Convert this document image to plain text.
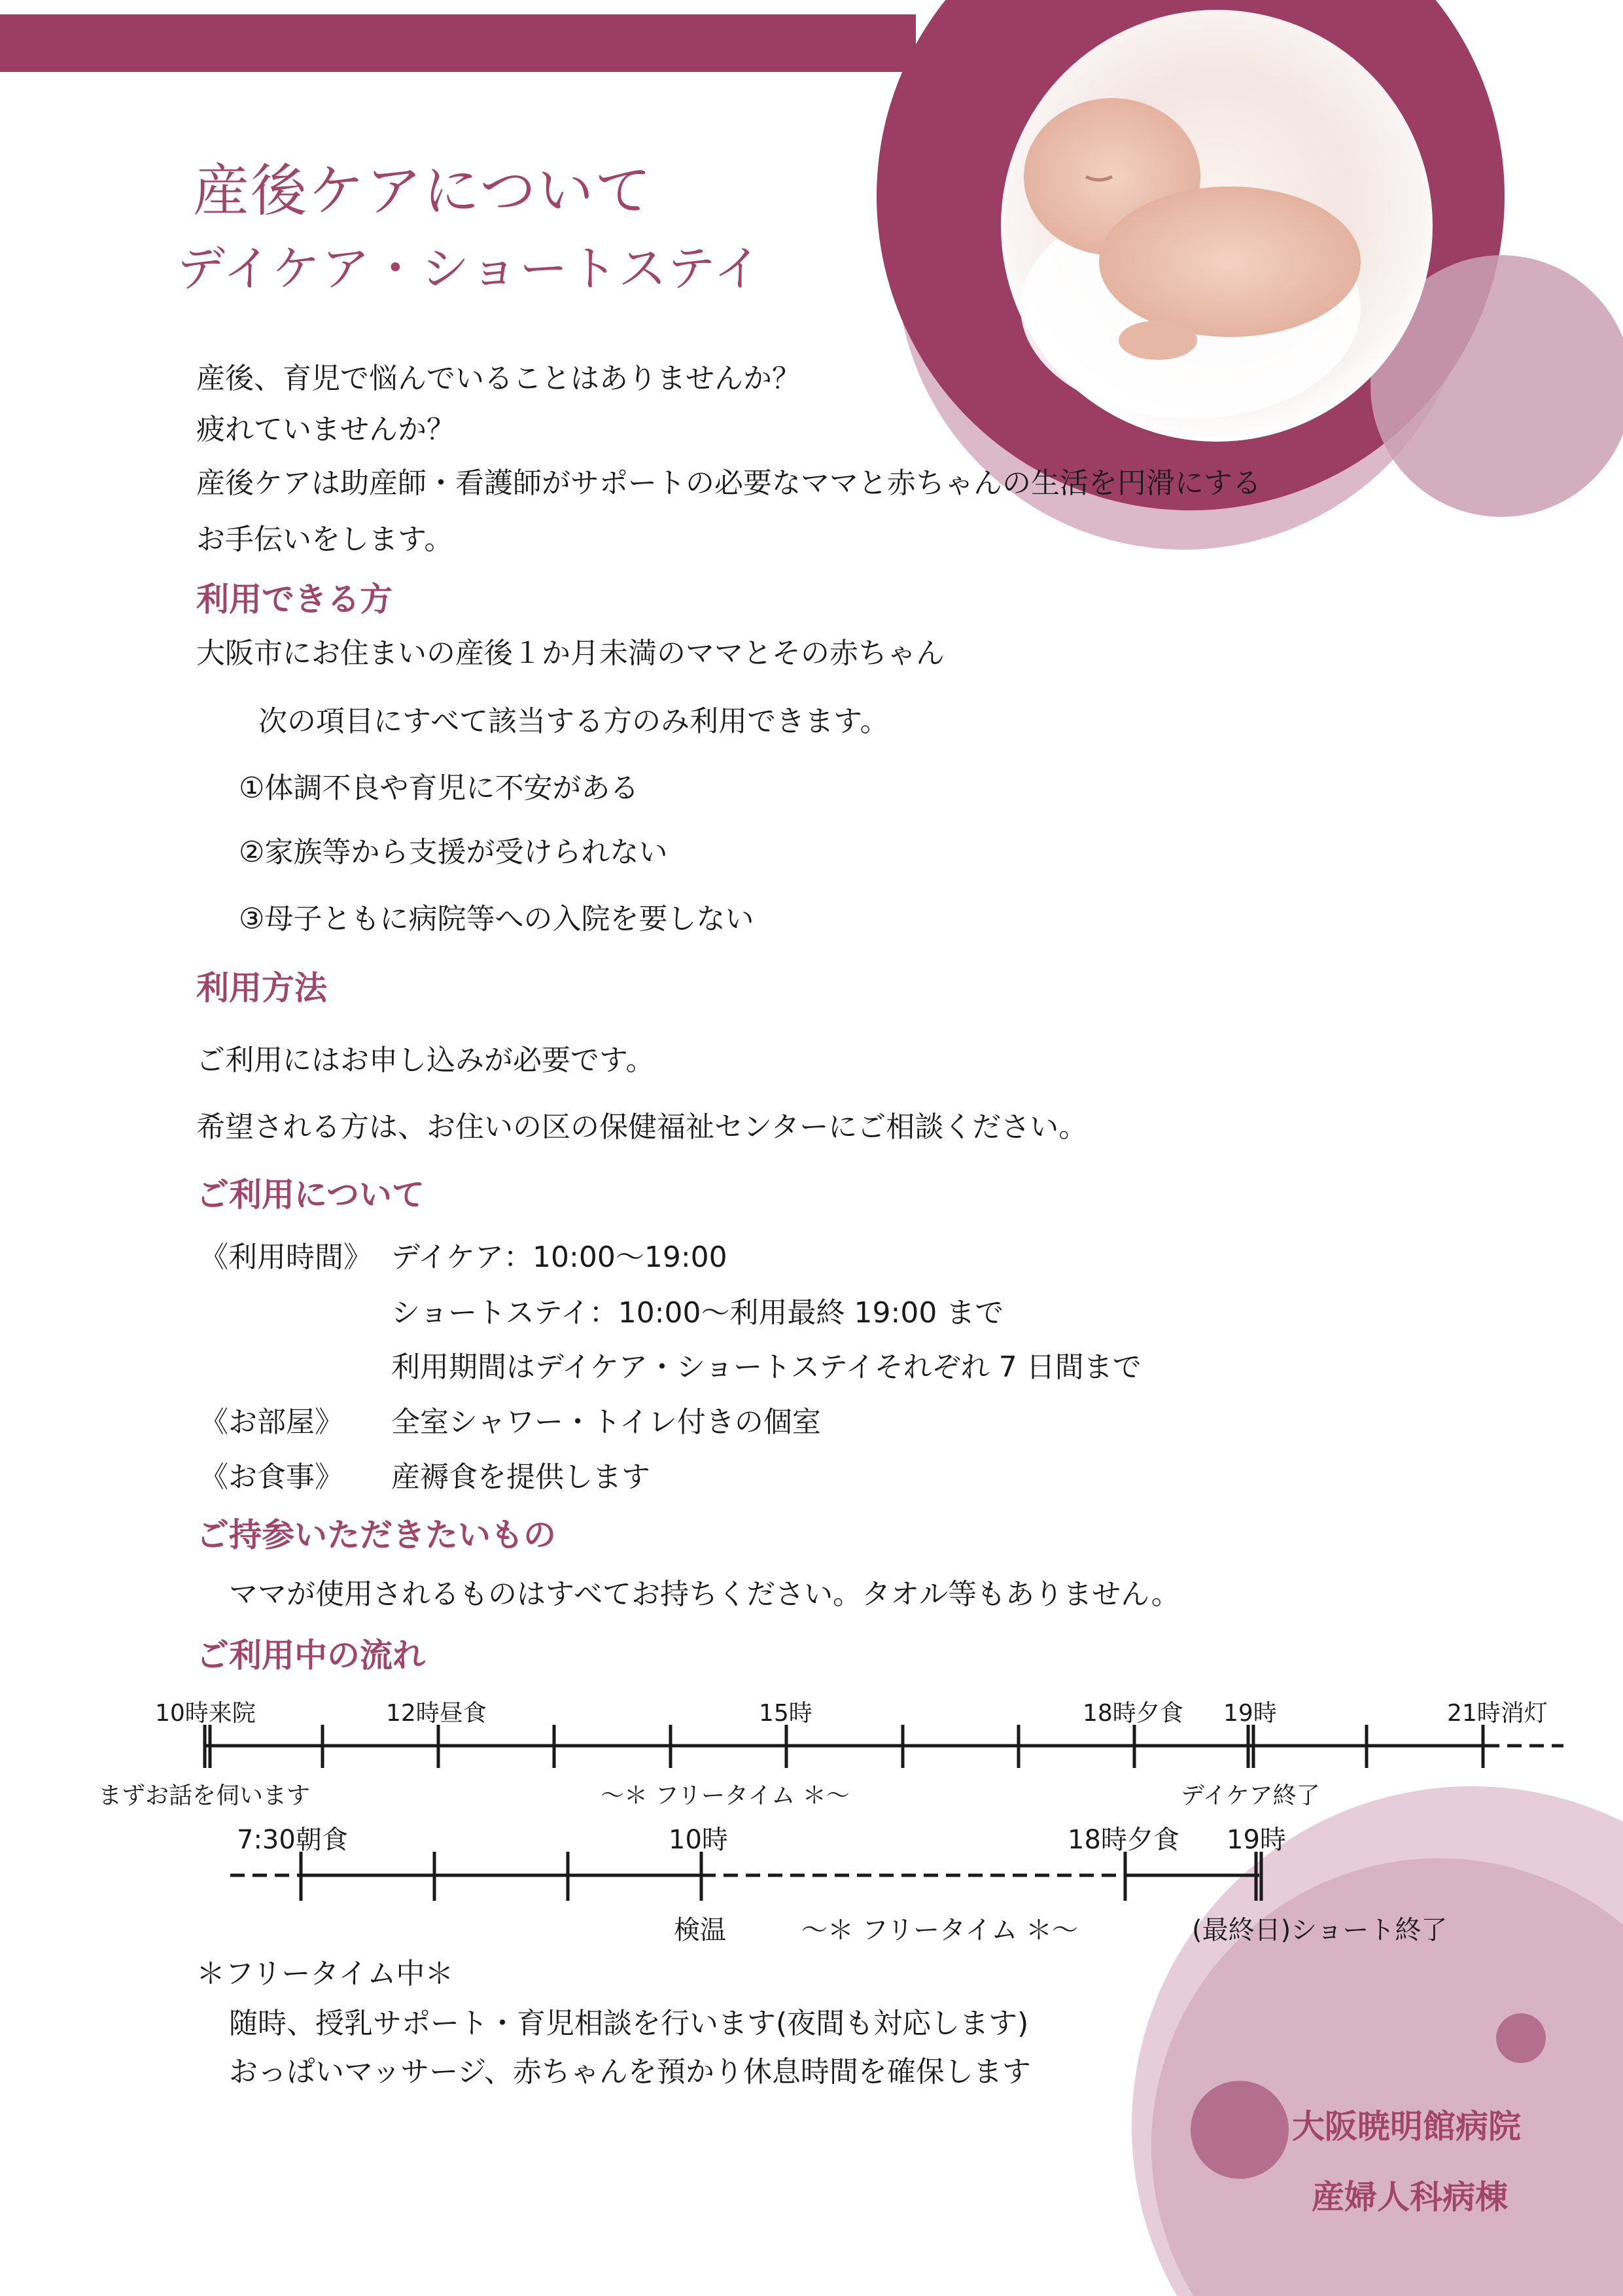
産後ケアについて
デイケア・ショートステイ
産後、育児で悩んでいることはありませんか？
疲れていませんか？
産後ケアは助産師・看護師がサポートの必要なママと赤ちゃんの生活を円滑にする
お手伝いをします。
利用できる方
大阪市にお住まいの産後１か月未満のママとその赤ちゃん
次の項目にすべて該当する方のみ利用できます。
①体調不良や育児に不安がある
②家族等から支援が受けられない
③母子ともに病院等への入院を要しない
利用方法
ご利用にはお申し込みが必要です。
希望される方は、お住いの区の保健福祉センターにご相談ください。
ご利用について
《利用時間》 デイケア：10:00～19:00
ショートステイ：10:00～利用最終 19:00 まで
利用期間はデイケア・ショートステイそれぞれ 7 日間まで
《お部屋》 全室シャワー・トイレ付きの個室
《お食事》 産褥食を提供します
ご持参いただきたいもの
ママが使用されるものはすべてお持ちください。タオル等もありません。
ご利用中の流れ
10時来院	12時昼食	15時	18時夕食 19時	21時消灯
まずお話を伺います	～＊ フリータイム ＊～	デイケア終了
7:30朝食	10時	18時夕食 19時
検温	～＊ フリータイム ＊～	(最終日)ショート終了
＊フリータイム中＊
随時、授乳サポート・育児相談を行います(夜間も対応します)
おっぱいマッサージ、赤ちゃんを預かり休息時間を確保します
大阪暁明館病院
産婦人科病棟
